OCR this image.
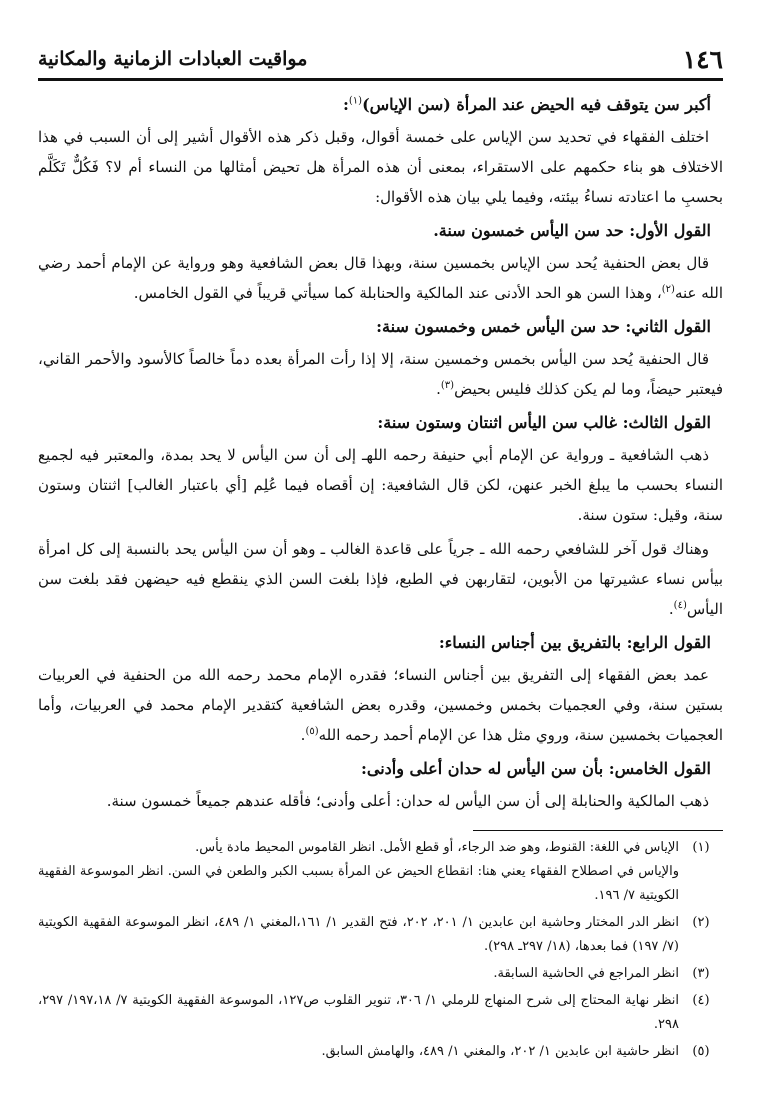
١٤٦
مواقيت العبادات الزمانية والمكانية
أكبر سن يتوقف فيه الحيض عند المرأة (سن الإياس)$^{(١)}$:

اختلف الفقهاء في تحديد سن الإياس على خمسة أقوال، وقبل ذكر هذه الأقوال أشير إلى أن السبب في هذا الاختلاف هو بناء حكمهم على الاستقراء، بمعنى أن هذه المرأة هل تحيض أمثالها من النساء أم لا؟ فَكُلٌّ تَكَلَّم بحسبِ ما اعتادته نساءُ بيئته، وفيما يلي بيان هذه الأقوال:

القول الأول: حد سن اليأس خمسون سنة.

قال بعض الحنفية يُحد سن الإياس بخمسين سنة، وبهذا قال بعض الشافعية وهو ورواية عن الإمام أحمد رضي الله عنه$^{(٢)}$، وهذا السن هو الحد الأدنى عند المالكية والحنابلة كما سيأتي قريباً في القول الخامس.

القول الثاني: حد سن اليأس خمس وخمسون سنة:

قال الحنفية يُحد سن اليأس بخمس وخمسين سنة، إلا إذا رأت المرأة بعده دماً خالصاً كالأسود والأحمر القاني، فيعتبر حيضاً، وما لم يكن كذلك فليس بحيض$^{(٣)}$.

القول الثالث: غالب سن اليأس اثنتان وستون سنة:

ذهب الشافعية ـ ورواية عن الإمام أبي حنيفة رحمه اللهـ إلى أن سن اليأس لا يحد بمدة، والمعتبر فيه لجميع النساء بحسب ما يبلغ الخبر عنهن، لكن قال الشافعية: إن أقصاه فيما عُلِم [أي باعتبار الغالب] اثنتان وستون سنة، وقيل: ستون سنة.

وهناك قول آخر للشافعي رحمه الله ـ جرياً على قاعدة الغالب ـ وهو أن سن اليأس يحد بالنسبة إلى كل امرأة بيأس نساء عشيرتها من الأبوين، لتقاربهن في الطبع، فإذا بلغت السن الذي ينقطع فيه حيضهن فقد بلغت سن اليأس$^{(٤)}$.

القول الرابع: بالتفريق بين أجناس النساء:

عمد بعض الفقهاء إلى التفريق بين أجناس النساء؛ فقدره الإمام محمد رحمه الله من الحنفية في العربيات بستين سنة، وفي العجميات بخمس وخمسين، وقدره بعض الشافعية كتقدير الإمام محمد في العربيات، وأما العجميات بخمسين سنة، وروي مثل هذا عن الإمام أحمد رحمه الله$^{(٥)}$.

القول الخامس: بأن سن اليأس له حدان أعلى وأدنى:

ذهب المالكية والحنابلة إلى أن سن اليأس له حدان: أعلى وأدنى؛ فأقله عندهم جميعاً خمسون سنة.

(١)
الإياس في اللغة: القنوط، وهو ضد الرجاء، أو قطع الأمل. انظر القاموس المحيط مادة يأس.
والإياس في اصطلاح الفقهاء يعني هنا: انقطاع الحيض عن المرأة بسبب الكبر والطعن في السن. انظر الموسوعة الفقهية الكويتية ٧/ ١٩٦.
(٢)
انظر الدر المختار وحاشية ابن عابدين ١/ ٢٠١، ٢٠٢، فتح القدير ١/ ١٦١،المغني ١/ ٤٨٩، انظر الموسوعة الفقهية الكويتية (٧/ ١٩٧) فما بعدها، (١٨/ ٢٩٧ـ ٢٩٨).
(٣)
انظر المراجع في الحاشية السابقة.
(٤)
انظر نهاية المحتاج إلى شرح المنهاج للرملي ١/ ٣٠٦، تنوير القلوب ص١٢٧، الموسوعة الفقهية الكويتية ٧/ ١٩٧،١٨/ ٢٩٧، ٢٩٨.
(٥)
انظر حاشية ابن عابدين ١/ ٢٠٢، والمغني ١/ ٤٨٩، والهامش السابق.
